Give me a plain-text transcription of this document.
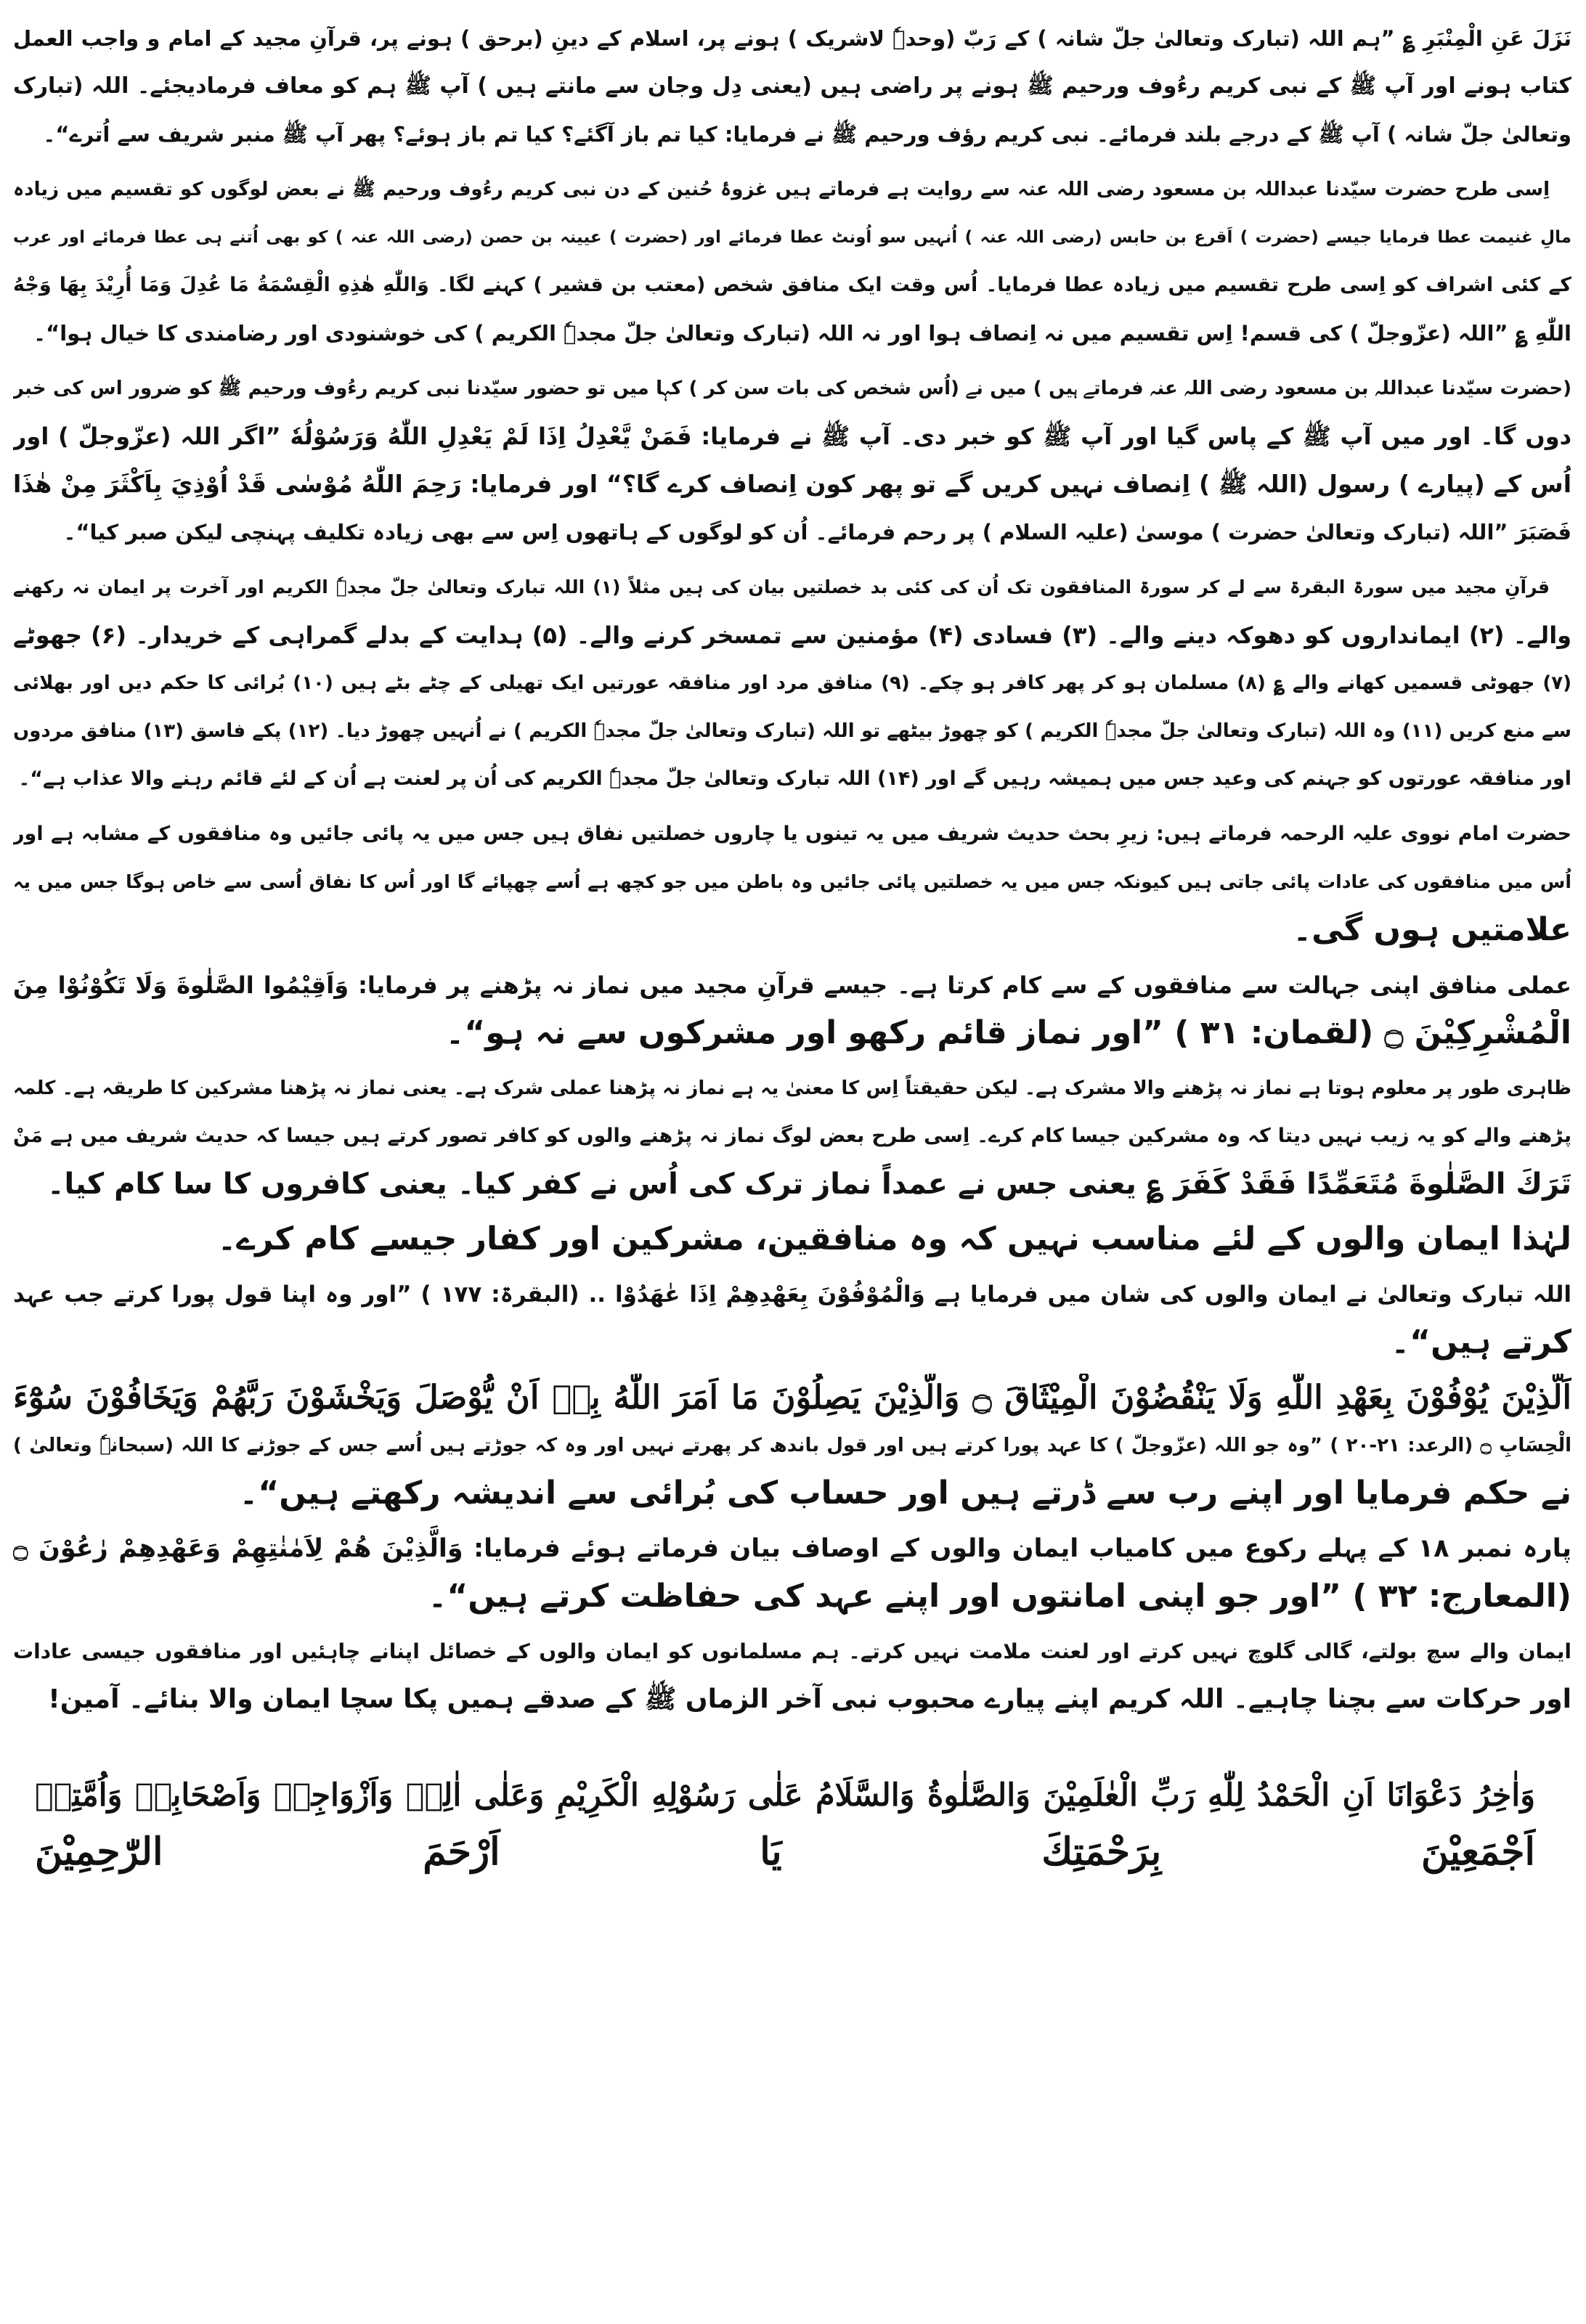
نَزَلَ عَنِ الْمِنْبَرِ ؏ ”ہم اللہ (تبارک وتعالیٰ جلّ شانہ ) کے رَبّ (وحدہٗ لاشریک ) ہونے پر، اسلام کے دینِ (برحق ) ہونے پر، قرآنِ مجید کے امام و واجب العمل
کتاب ہونے اور آپ ﷺ کے نبی کریم رءُوف ورحیم ﷺ ہونے پر راضی ہیں (یعنی دِل وجان سے مانتے ہیں ) آپ ﷺ ہم کو معاف فرمادیجئے۔ اللہ (تبارک
وتعالیٰ جلّ شانہ ) آپ ﷺ کے درجے بلند فرمائے۔ نبی کریم رؤف ورحیم ﷺ نے فرمایا: کیا تم باز آگئے؟ کیا تم باز ہوئے؟ پھر آپ ﷺ منبر شریف سے اُترے“۔
اِسی طرح حضرت سیّدنا عبداللہ بن مسعود رضی اللہ عنہ سے روایت ہے فرماتے ہیں غزوۂ حُنین کے دن نبی کریم رءُوف ورحیم ﷺ نے بعض لوگوں کو تقسیم میں زیادہ
مالِ غنیمت عطا فرمایا جیسے (حضرت ) اَقرع بن حابس (رضی اللہ عنہ ) اُنہیں سو اُونٹ عطا فرمائے اور (حضرت ) عیینہ بن حصن (رضی اللہ عنہ ) کو بھی اُتنے ہی عطا فرمائے اور عرب
کے کئی اشراف کو اِسی طرح تقسیم میں زیادہ عطا فرمایا۔ اُس وقت ایک منافق شخص (معتب بن قشیر ) کہنے لگا۔ وَاللّٰهِ هٰذِهِ الْقِسْمَةُ مَا عُدِلَ وَمَا أُرِيْدَ بِهَا وَجْهُ
اللّٰهِ ؏ ”اللہ (عزّوجلّ ) کی قسم! اِس تقسیم میں نہ اِنصاف ہوا اور نہ اللہ (تبارک وتعالیٰ جلّ مجدہٗ الکریم ) کی خوشنودی اور رضامندی کا خیال ہوا“۔
(حضرت سیّدنا عبداللہ بن مسعود رضی اللہ عنہ فرماتے ہیں ) میں نے (اُس شخص کی بات سن کر ) کہا میں تو حضور سیّدنا نبی کریم رءُوف ورحیم ﷺ کو ضرور اس کی خبر
دوں گا۔ اور میں آپ ﷺ کے پاس گیا اور آپ ﷺ کو خبر دی۔ آپ ﷺ نے فرمایا: فَمَنْ يَّعْدِلُ اِذَا لَمْ يَعْدِلِ اللّٰهُ وَرَسُوْلُهٗ ”اگر اللہ (عزّوجلّ ) اور
اُس کے (پیارے ) رسول (اللہ ﷺ ) اِنصاف نہیں کریں گے تو پھر کون اِنصاف کرے گا؟“ اور فرمایا: رَحِمَ اللّٰهُ مُوْسٰى قَدْ اُوْذِيَ بِاَكْثَرَ مِنْ هٰذَا
فَصَبَرَ ”اللہ (تبارک وتعالیٰ حضرت ) موسیٰ (علیہ السلام ) پر رحم فرمائے۔ اُن کو لوگوں کے ہاتھوں اِس سے بھی زیادہ تکلیف پہنچی لیکن صبر کیا“۔
قرآنِ مجید میں سورۃ البقرۃ سے لے کر سورۃ المنافقون تک اُن کی کئی بد خصلتیں بیان کی ہیں مثلاً (۱) اللہ تبارک وتعالیٰ جلّ مجدہٗ الکریم اور آخرت پر ایمان نہ رکھنے
والے۔ (۲) ایمانداروں کو دھوکہ دینے والے۔ (۳) فسادی (۴) مؤمنین سے تمسخر کرنے والے۔ (۵) ہدایت کے بدلے گمراہی کے خریدار۔ (۶) جھوٹے
(۷) جھوٹی قسمیں کھانے والے ؏ (۸) مسلمان ہو کر پھر کافر ہو چکے۔ (۹) منافق مرد اور منافقہ عورتیں ایک تھیلی کے چٹے بٹے ہیں (۱۰) بُرائی کا حکم دیں اور بھلائی
سے منع کریں (۱۱) وہ اللہ (تبارک وتعالیٰ جلّ مجدہٗ الکریم ) کو چھوڑ بیٹھے تو اللہ (تبارک وتعالیٰ جلّ مجدہٗ الکریم ) نے اُنہیں چھوڑ دیا۔ (۱۲) پکے فاسق (۱۳) منافق مردوں
اور منافقہ عورتوں کو جہنم کی وعید جس میں ہمیشہ رہیں گے اور (۱۴) اللہ تبارک وتعالیٰ جلّ مجدہٗ الکریم کی اُن پر لعنت ہے اُن کے لئے قائم رہنے والا عذاب ہے“۔
حضرت امام نووی علیہ الرحمہ فرماتے ہیں: زیرِ بحث حدیث شریف میں یہ تینوں یا چاروں خصلتیں نفاق ہیں جس میں یہ پائی جائیں وہ منافقوں کے مشابہ ہے اور
اُس میں منافقوں کی عادات پائی جاتی ہیں کیونکہ جس میں یہ خصلتیں پائی جائیں وہ باطن میں جو کچھ ہے اُسے چھپائے گا اور اُس کا نفاق اُسی سے خاص ہوگا جس میں یہ
علامتیں ہوں گی۔
عملی منافق اپنی جہالت سے منافقوں کے سے کام کرتا ہے۔ جیسے قرآنِ مجید میں نماز نہ پڑھنے پر فرمایا: وَاَقِيْمُوا الصَّلٰوةَ وَلَا تَكُوْنُوْا مِنَ
الْمُشْرِكِيْنَ ۝ (لقمان: ۳۱ ) ”اور نماز قائم رکھو اور مشرکوں سے نہ ہو“۔
ظاہری طور پر معلوم ہوتا ہے نماز نہ پڑھنے والا مشرک ہے۔ لیکن حقیقتاً اِس کا معنیٰ یہ ہے نماز نہ پڑھنا عملی شرک ہے۔ یعنی نماز نہ پڑھنا مشرکین کا طریقہ ہے۔ کلمہ
پڑھنے والے کو یہ زیب نہیں دیتا کہ وہ مشرکین جیسا کام کرے۔ اِسی طرح بعض لوگ نماز نہ پڑھنے والوں کو کافر تصور کرتے ہیں جیسا کہ حدیث شریف میں ہے مَنْ
تَرَكَ الصَّلٰوةَ مُتَعَمِّدًا فَقَدْ كَفَرَ ؏ یعنی جس نے عمداً نماز ترک کی اُس نے کفر کیا۔ یعنی کافروں کا سا کام کیا۔
لہٰذا ایمان والوں کے لئے مناسب نہیں کہ وہ منافقین، مشرکین اور کفار جیسے کام کرے۔
اللہ تبارک وتعالیٰ نے ایمان والوں کی شان میں فرمایا ہے وَالْمُوْفُوْنَ بِعَهْدِهِمْ اِذَا عٰهَدُوْا .. (البقرۃ: ۱۷۷ ) ”اور وہ اپنا قول پورا کرتے جب عہد
کرتے ہیں“۔
اَلَّذِيْنَ يُوْفُوْنَ بِعَهْدِ اللّٰهِ وَلَا يَنْقُضُوْنَ الْمِيْثَاقَ ۝ وَالَّذِيْنَ يَصِلُوْنَ مَا اَمَرَ اللّٰهُ بِهٖ اَنْ يُّوْصَلَ وَيَخْشَوْنَ رَبَّهُمْ وَيَخَافُوْنَ سُوْٓءَ
الْحِسَابِ ۝ (الرعد: ۲۱-۲۰ ) ”وہ جو اللہ (عزّوجلّ ) کا عہد پورا کرتے ہیں اور قول باندھ کر پھرتے نہیں اور وہ کہ جوڑتے ہیں اُسے جس کے جوڑنے کا اللہ (سبحانہٗ وتعالیٰ )
نے حکم فرمایا اور اپنے رب سے ڈرتے ہیں اور حساب کی بُرائی سے اندیشہ رکھتے ہیں“۔
پارہ نمبر ۱۸ کے پہلے رکوع میں کامیاب ایمان والوں کے اوصاف بیان فرماتے ہوئے فرمایا: وَالَّذِيْنَ هُمْ لِاَمٰنٰتِهِمْ وَعَهْدِهِمْ رٰعُوْنَ ۝
(المعارج: ۳۲ ) ”اور جو اپنی امانتوں اور اپنے عہد کی حفاظت کرتے ہیں“۔
ایمان والے سچ بولتے، گالی گلوچ نہیں کرتے اور لعنت ملامت نہیں کرتے۔ ہم مسلمانوں کو ایمان والوں کے خصائل اپنانے چاہئیں اور منافقوں جیسی عادات
اور حرکات سے بچنا چاہیے۔ اللہ کریم اپنے پیارے محبوب نبی آخر الزماں ﷺ کے صدقے ہمیں پکا سچا ایمان والا بنائے۔ آمین!
وَاٰخِرُ دَعْوَانَا اَنِ الْحَمْدُ لِلّٰهِ رَبِّ الْعٰلَمِيْنَ وَالصَّلٰوةُ وَالسَّلَامُ عَلٰى رَسُوْلِهِ الْكَرِيْمِ وَعَلٰى اٰلِهٖ وَاَزْوَاجِهٖ وَاَصْحَابِهٖ وَاُمَّتِهٖ
اَجْمَعِيْنَ بِرَحْمَتِكَ يَا اَرْحَمَ الرّٰحِمِيْنَ
